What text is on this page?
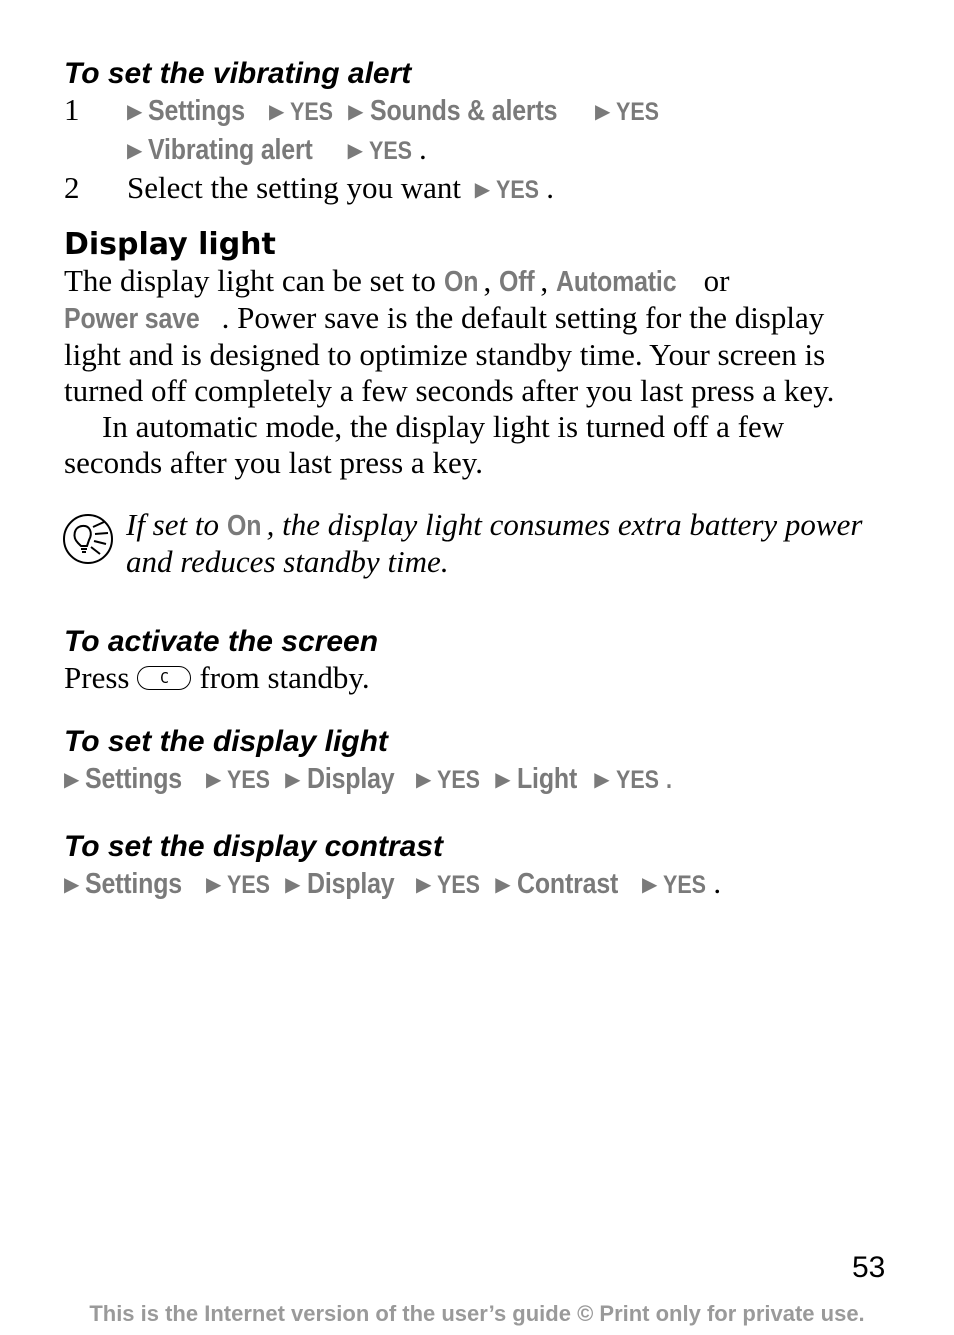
To set the vibrating alert
1 ▶ Settings ▶ YES ▶ Sounds & alerts ▶ YES
▶ Vibrating alert ▶ YES .
2 Select the setting you want ▶ YES .
Display light

The display light can be set to On , Off , Automatic or
Power save . Power save is the default setting for the display light and is designed to optimize standby time. Your screen is turned off completely a few seconds after you last press a key.

In automatic mode, the display light is turned off a few seconds after you last press a key.

If set to On , the display light consumes extra battery power and reduces standby time.
To activate the screen
Press C from standby.
To set the display light
▶ Settings ▶ YES ▶ Display ▶ YES ▶ Light ▶ YES .
To set the display contrast
▶ Settings ▶ YES ▶ Display ▶ YES ▶ Contrast ▶ YES .
53
This is the Internet version of the user’s guide © Print only for private use.
